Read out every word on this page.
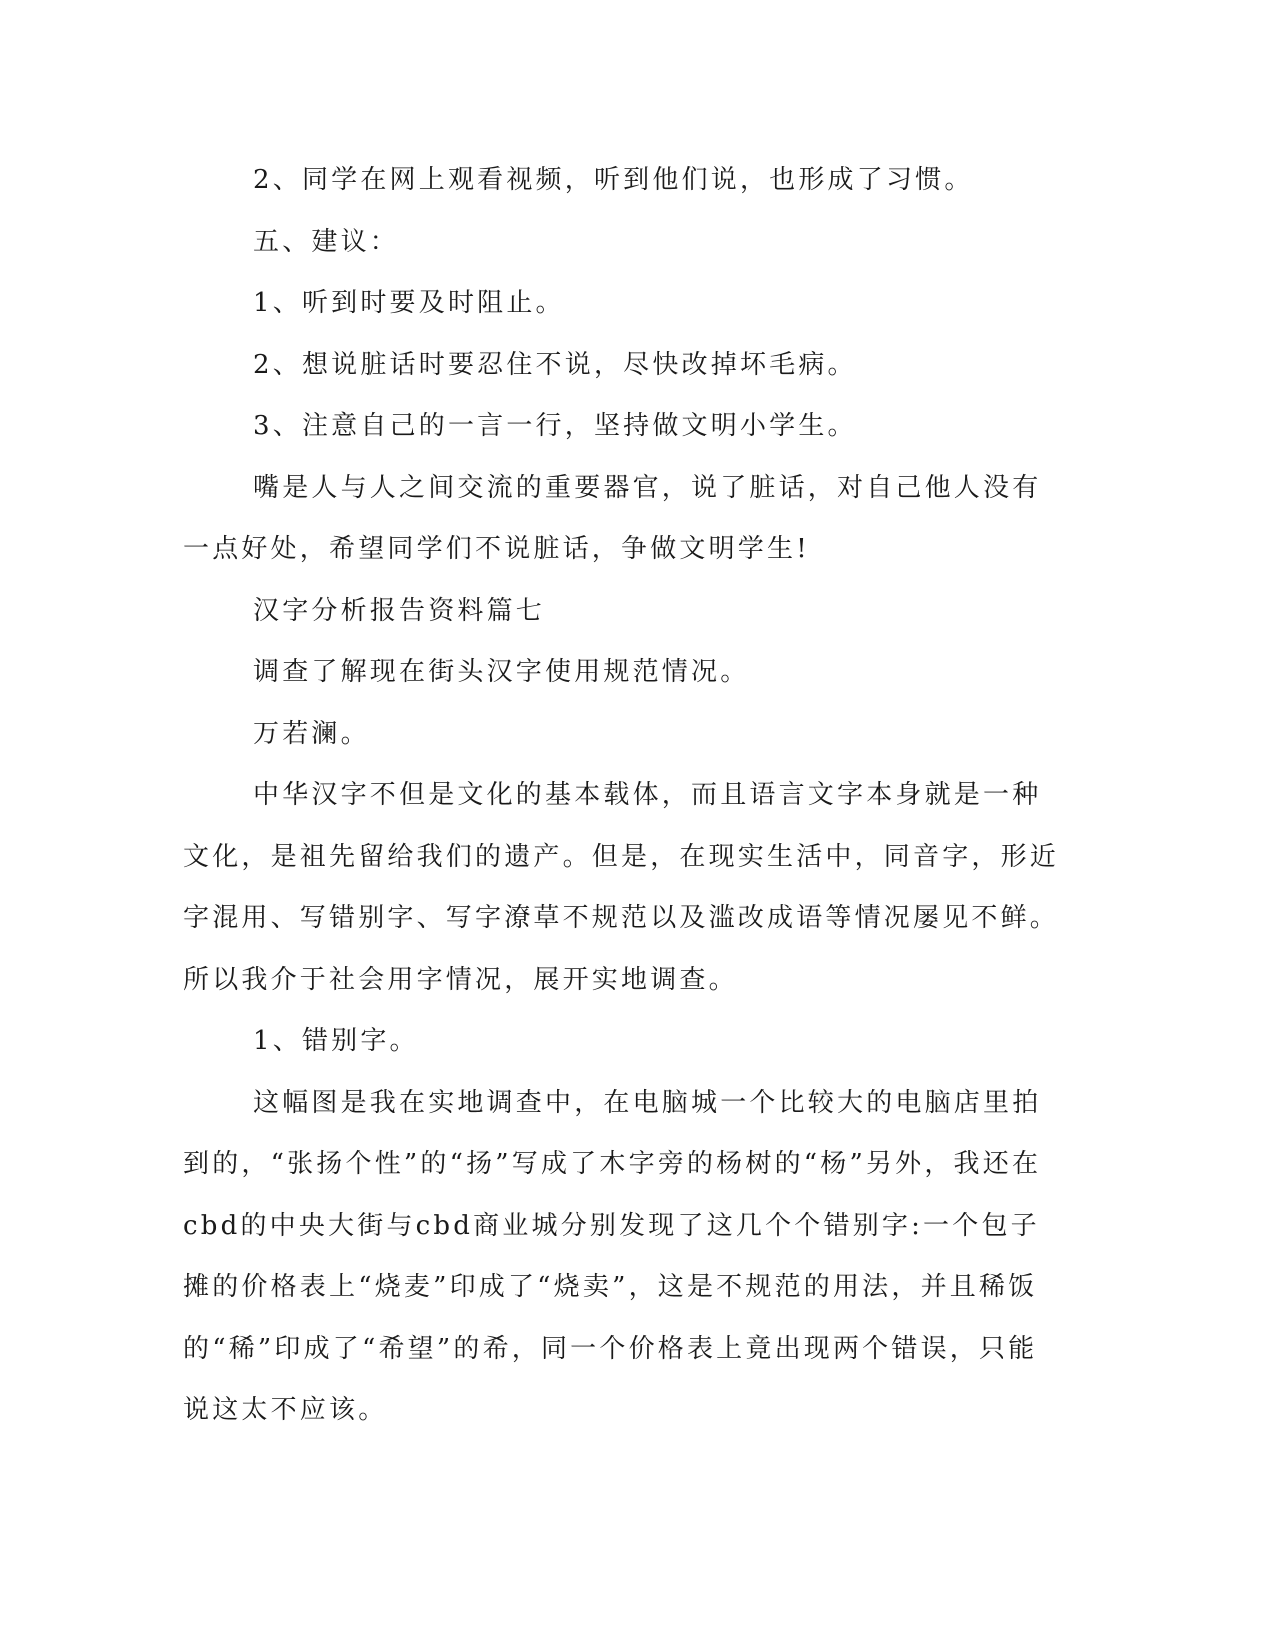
2、同学在网上观看视频，听到他们说，也形成了习惯。

五、建议：

1、听到时要及时阻止。

2、想说脏话时要忍住不说，尽快改掉坏毛病。

3、注意自己的一言一行，坚持做文明小学生。

嘴是人与人之间交流的重要器官，说了脏话，对自己他人没有一点好处，希望同学们不说脏话，争做文明学生!

汉字分析报告资料篇七

调查了解现在街头汉字使用规范情况。

万若澜。

中华汉字不但是文化的基本载体，而且语言文字本身就是一种文化，是祖先留给我们的遗产。但是，在现实生活中，同音字，形近字混用、写错别字、写字潦草不规范以及滥改成语等情况屡见不鲜。所以我介于社会用字情况，展开实地调查。

1、错别字。

这幅图是我在实地调查中，在电脑城一个比较大的电脑店里拍到的，“张扬个性”的“扬”写成了木字旁的杨树的“杨”另外，我还在cbd的中央大街与cbd商业城分别发现了这几个个错别字:一个包子摊的价格表上“烧麦”印成了“烧卖”，这是不规范的用法，并且稀饭的“稀”印成了“希望”的希，同一个价格表上竟出现两个错误，只能说这太不应该。
